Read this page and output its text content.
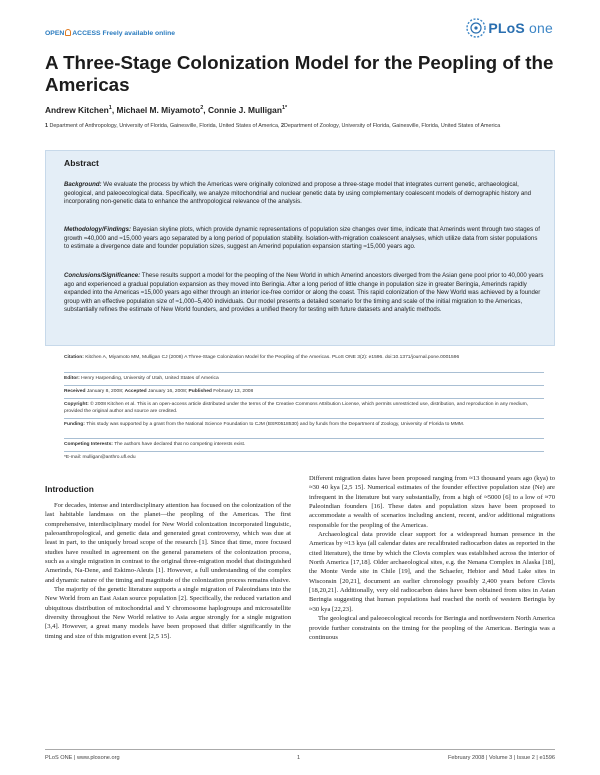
OPEN ACCESS Freely available online	PLoS one
A Three-Stage Colonization Model for the Peopling of the Americas
Andrew Kitchen$^1$, Michael M. Miyamoto$^2$, Connie J. Mulligan$^{1*}$
1 Department of Anthropology, University of Florida, Gainesville, Florida, United States of America, 2Department of Zoology, University of Florida, Gainesville, Florida, United States of America
Abstract

Background: We evaluate the process by which the Americas were originally colonized and propose a three-stage model that integrates current genetic, archaeological, geological, and paleoecological data. Specifically, we analyze mitochondrial and nuclear genetic data by using complementary coalescent models of demographic history and incorporating non-genetic data to enhance the anthropological relevance of the analysis.

Methodology/Findings: Bayesian skyline plots, which provide dynamic representations of population size changes over time, indicate that Amerinds went through two stages of growth ≈40,000 and ≈15,000 years ago separated by a long period of population stability. Isolation-with-migration coalescent analyses, which utilize data from sister populations to estimate a divergence date and founder population sizes, suggest an Amerind population expansion starting ≈15,000 years ago.

Conclusions/Significance: These results support a model for the peopling of the New World in which Amerind ancestors diverged from the Asian gene pool prior to 40,000 years ago and experienced a gradual population expansion as they moved into Beringia. After a long period of little change in population size in greater Beringia, Amerinds rapidly expanded into the Americas ≈15,000 years ago either through an interior ice-free corridor or along the coast. This rapid colonization of the New World was achieved by a founder group with an effective population size of ≈1,000–5,400 individuals. Our model presents a detailed scenario for the timing and scale of the initial migration to the Americas, substantially refines the estimate of New World founders, and provides a unified theory for testing with future datasets and analytic methods.

Citation: Kitchen A, Miyamoto MM, Mulligan CJ (2008) A Three-Stage Colonization Model for the Peopling of the Americas. PLoS ONE 3(2): e1596. doi:10.1371/journal.pone.0001596

Editor: Henry Harpending, University of Utah, United States of America

Received January 8, 2008; Accepted January 16, 2008; Published February 13, 2008

Copyright: © 2008 Kitchen et al. This is an open-access article distributed under the terms of the Creative Commons Attribution License, which permits unrestricted use, distribution, and reproduction in any medium, provided the original author and source are credited.

Funding: This study was supported by a grant from the National Science Foundation to CJM (BSR0518530) and by funds from the Department of Zoology, University of Florida to MMM.

Competing Interests: The authors have declared that no competing interests exist.

*E-mail: mulligan@anthro.ufl.edu

Introduction

For decades, intense and interdisciplinary attention has focused on the colonization of the last habitable landmass on the planet—the peopling of the Americas. The first comprehensive, interdisciplinary model for New World colonization incorporated linguistic, paleoanthropological, and genetic data and generated great controversy, which was due at least in part, to the uniquely broad scope of the research [1]. Since that time, more focused studies have resulted in agreement on the general parameters of the colonization process, such as a single migration in contrast to the original three-migration model that distinguished Amerinds, Na-Dene, and Eskimo-Aleuts [1]. However, a full understanding of the complex and dynamic nature of the timing and magnitude of the colonization process remains elusive.

The majority of the genetic literature supports a single migration of Paleoindians into the New World from an East Asian source population [2]. Specifically, the reduced variation and ubiquitous distribution of mitochondrial and Y chromosome haplogroups and microsatellite diversity throughout the New World relative to Asia argue strongly for a single migration [3,4]. However, a great many models have been proposed that differ significantly in the timing and size of this migration event [2,5 15].

Different migration dates have been proposed ranging from ≈13 thousand years ago (kya) to ≈30 40 kya [2,5 15]. Numerical estimates of the founder effective population size (Ne) are infrequent in the literature but vary substantially, from a high of ≈5000 [6] to a low of ≈70 Paleoindian founders [16]. These dates and population sizes have been proposed to accommodate a wealth of scenarios including ancient, recent, and/or additional migrations responsible for the peopling of the Americas.

Archaeological data provide clear support for a widespread human presence in the Americas by ≈13 kya (all calendar dates are recalibrated radiocarbon dates as reported in the cited literature), the time by which the Clovis complex was established across the interior of North America [17,18]. Older archaeological sites, e.g. the Nenana Complex in Alaska [18], the Monte Verde site in Chile [19], and the Schaefer, Hebior and Mud Lake sites in Wisconsin [20,21], document an earlier chronology possibly 2,400 years before Clovis [18,20,21]. Additionally, very old radiocarbon dates have been obtained from sites in Asian Beringia suggesting that human populations had reached the north of western Beringia by ≈30 kya [22,23].

The geological and paleoecological records for Beringia and northwestern North America provide further constraints on the timing for the peopling of the Americas. Beringia was a continuous

PLoS ONE | www.plosone.org	1	February 2008 | Volume 3 | Issue 2 | e1596
